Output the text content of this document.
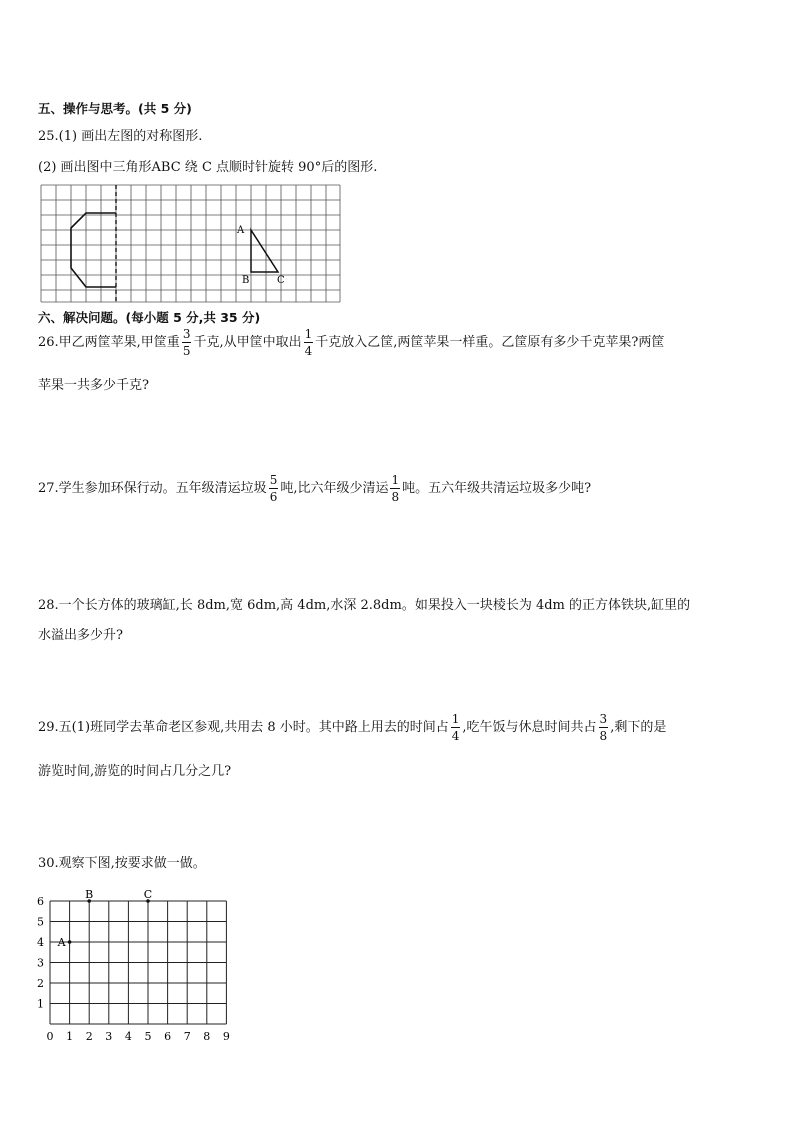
五、操作与思考。(共 5 分)
25.(1) 画出左图的对称图形.
(2) 画出图中三角形ABC 绕 C 点顺时针旋转 90°后的图形.
A
B	C
六、解决问题。(每小题 5 分,共 35 分)
26.甲乙两筐苹果,甲筐重 $\frac{3}{5}$ 千克,从甲筐中取出 $\frac{1}{4}$ 千克放入乙筐,两筐苹果一样重。乙筐原有多少千克苹果?两筐
苹果一共多少千克?
27.学生参加环保行动。五年级清运垃圾 $\frac{5}{6}$ 吨,比六年级少清运 $\frac{1}{8}$ 吨。五六年级共清运垃圾多少吨?
28.一个长方体的玻璃缸,长 8dm,宽 6dm,高 4dm,水深 2.8dm。如果投入一块棱长为 4dm 的正方体铁块,缸里的
水溢出多少升?
29.五(1)班同学去革命老区参观,共用去 8 小时。其中路上用去的时间占 $\frac{1}{4}$ ,吃午饭与休息时间共占 $\frac{3}{8}$ ,剩下的是
游览时间,游览的时间占几分之几?
30.观察下图,按要求做一做。
0 1 2 3 4 5 6 7 8 9
1
2
3
4
5
6
A
B	C
